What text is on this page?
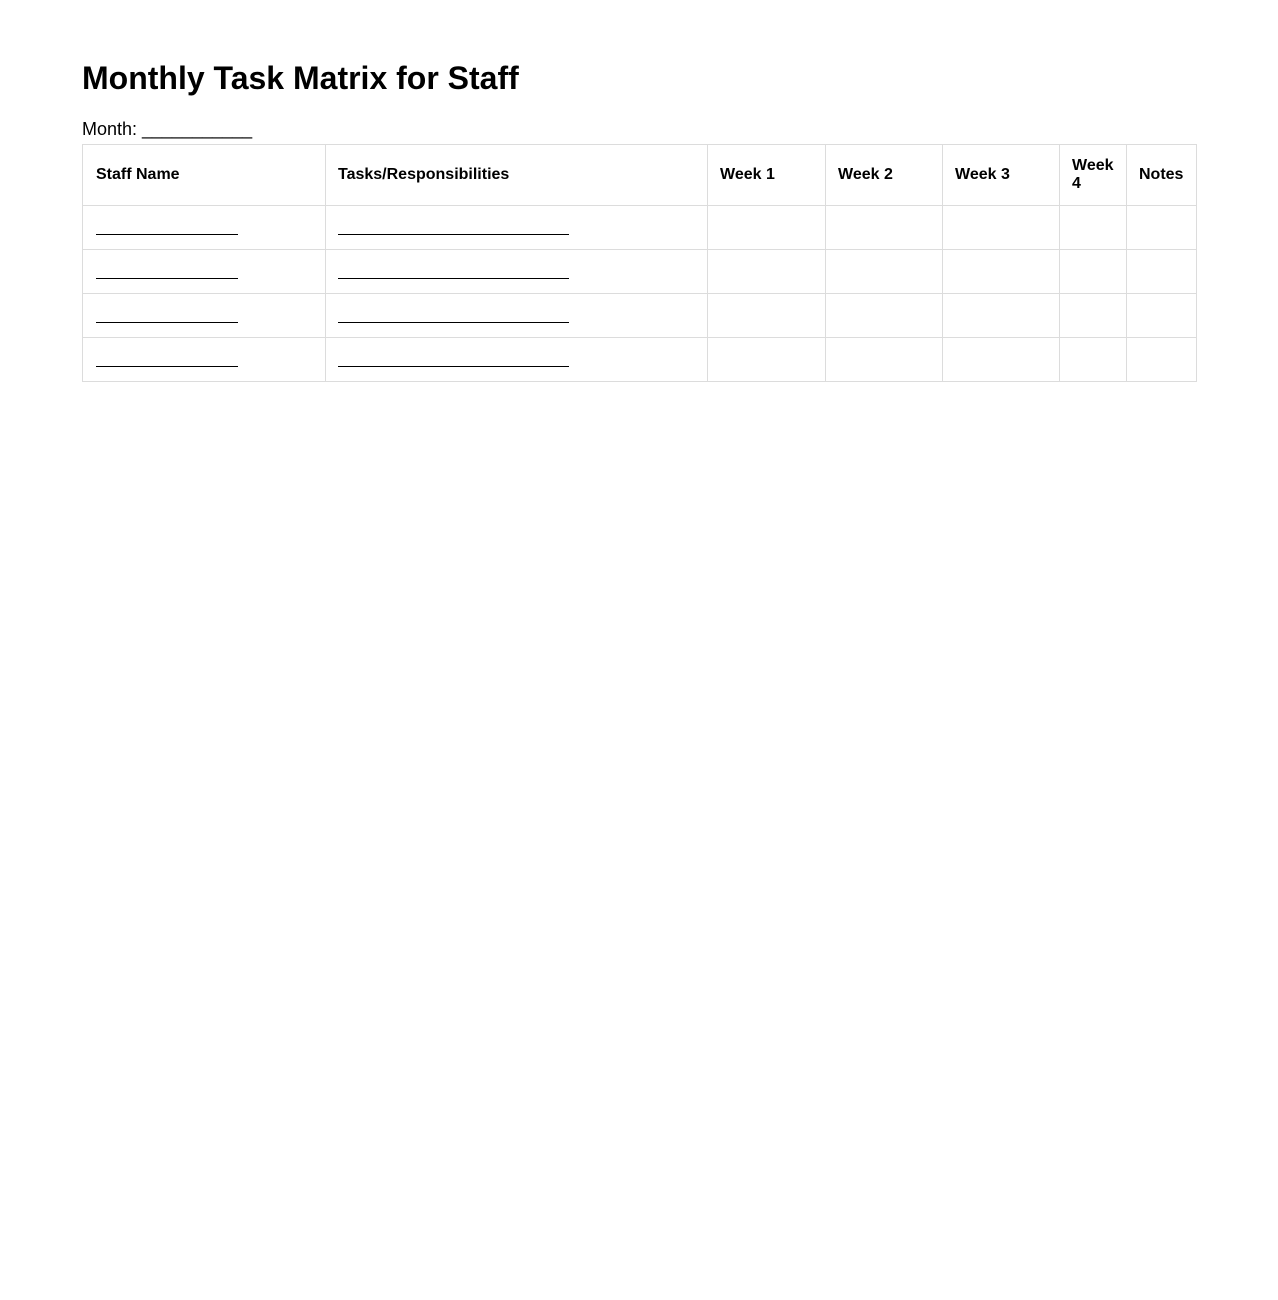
Monthly Task Matrix for Staff
Month: ___________
Staff Name	Tasks/Responsibilities	Week 1	Week 2	Week 3	Week 4	Notes
